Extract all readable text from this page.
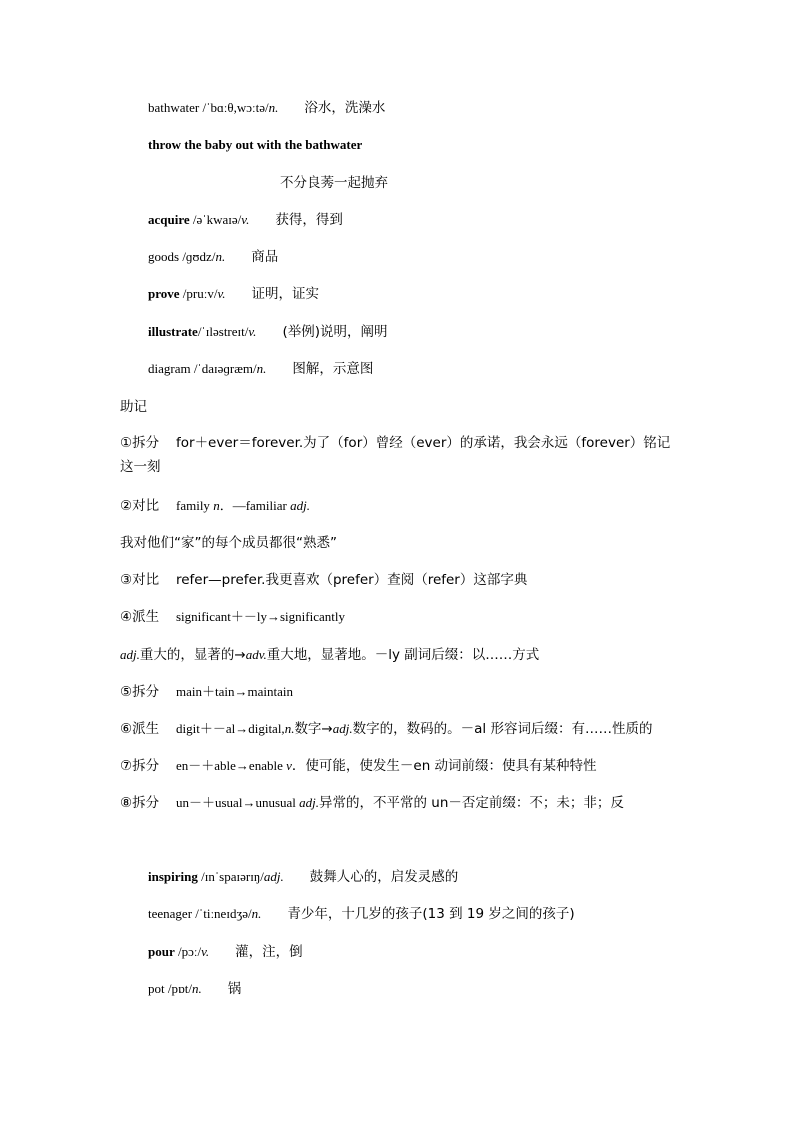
bathwater /ˈbɑːθ,wɔːtə/n. 浴水，洗澡水
throw the baby out with the bathwater
不分良莠一起抛弃
acquire /əˈkwaɪə/v. 获得，得到
goods /ɡʊdz/n. 商品
prove /pruːv/v. 证明，证实
illustrate/ˈɪləstreɪt/v. (举例)说明，阐明
diagram /ˈdaɪəɡræm/n. 图解，示意图
助记
①拆分 for＋ever＝forever.为了（for）曾经（ever）的承诺，我会永远（forever）铭记这一刻
②对比 family n．—familiar adj.
我对他们“家”的每个成员都很“熟悉”
③对比 refer—prefer.我更喜欢（prefer）查阅（refer）这部字典
④派生 significant＋－ly→significantly
adj.重大的，显著的→adv.重大地，显著地。－ly 副词后缀：以……方式
⑤拆分 main＋tain→maintain
⑥派生 digit＋－al→digital,n.数字→adj.数字的，数码的。－al 形容词后缀：有……性质的
⑦拆分 en－＋able→enable v．使可能，使发生－en 动词前缀：使具有某种特性
⑧拆分 un－＋usual→unusual adj.异常的，不平常的 un－否定前缀：不；未；非；反
inspiring /ɪnˈspaɪərɪŋ/adj. 鼓舞人心的，启发灵感的
teenager /ˈtiːneɪdʒə/n. 青少年，十几岁的孩子(13 到 19 岁之间的孩子)
pour /pɔː/v. 灌，注，倒
pot /pɒt/n. 锅
